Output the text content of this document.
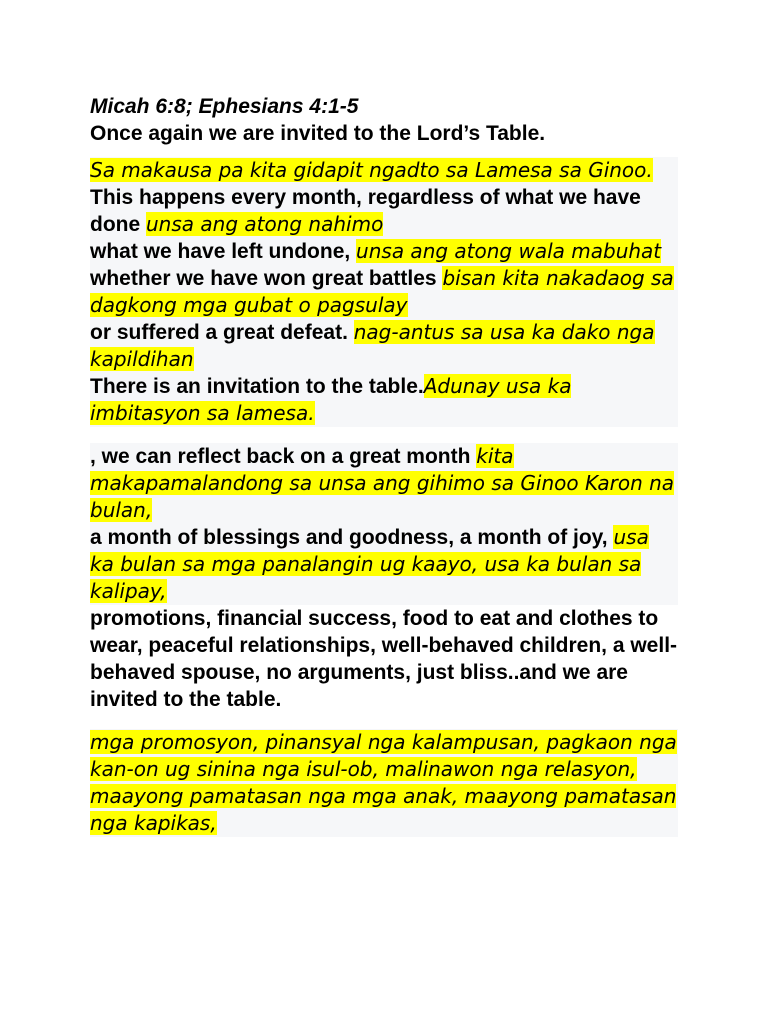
Micah 6:8; Ephesians 4:1-5
Once again we are invited to the Lord’s Table.

Sa makausa pa kita gidapit ngadto sa Lamesa sa Ginoo.

This happens every month, regardless of what we have done unsa ang atong nahimo

what we have left undone, unsa ang atong wala mabuhat

whether we have won great battles bisan kita nakadaog sa dagkong mga gubat o pagsulay

or suffered a great defeat. nag-antus sa usa ka dako nga kapildihan

There is an invitation to the table.Adunay usa ka imbitasyon sa lamesa.

, we can reflect back on a great month kita makapamalandong sa unsa ang gihimo sa Ginoo Karon na bulan,

a month of blessings and goodness, a month of joy, usa ka bulan sa mga panalangin ug kaayo, usa ka bulan sa kalipay,

promotions, financial success, food to eat and clothes to wear, peaceful relationships, well-behaved children, a well-behaved spouse, no arguments, just bliss..and we are invited to the table.

mga promosyon, pinansyal nga kalampusan, pagkaon nga kan-on ug sinina nga isul-ob, malinawon nga relasyon, maayong pamatasan nga mga anak, maayong pamatasan nga kapikas,
